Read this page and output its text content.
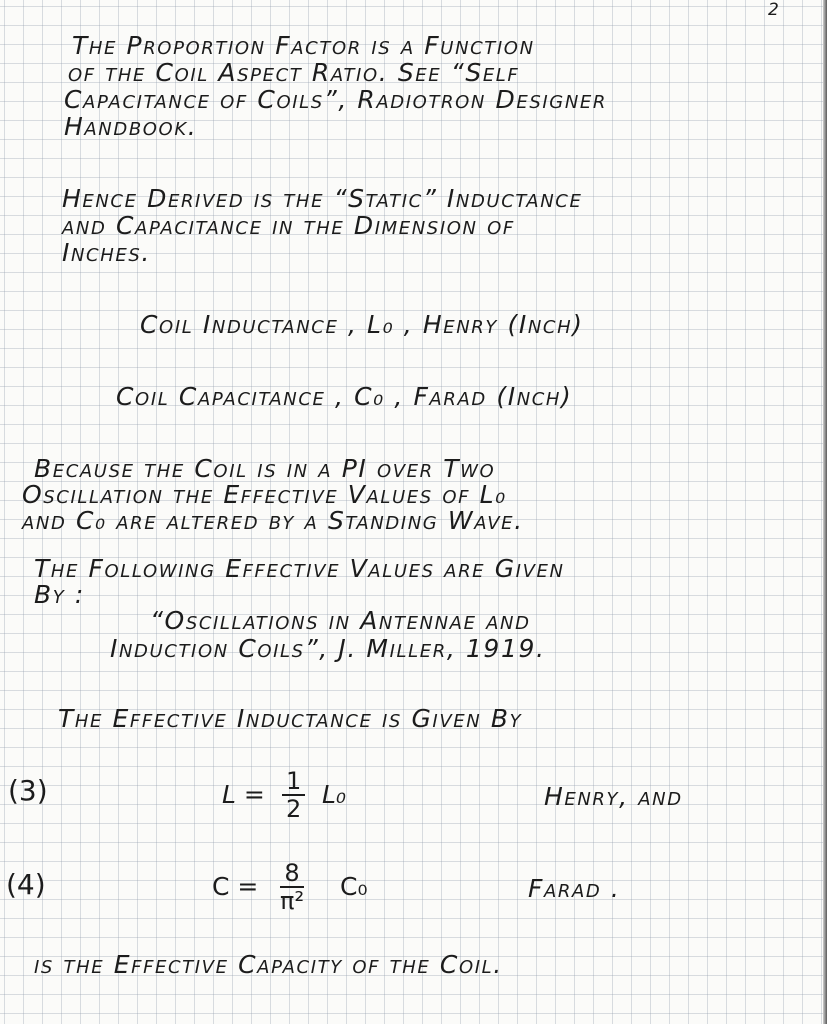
2
The Proportion Factor is a Function
of the Coil Aspect Ratio. See “Self
Capacitance of Coils”, Radiotron Designer
Handbook.
Hence Derived is the “Static” Inductance
and Capacitance in the Dimension of
Inches.
Coil Inductance , L₀ , Henry (Inch)
Coil Capacitance , C₀ , Farad (Inch)
Because the Coil is in a PI over Two
Oscillation the Effective Values of L₀
and C₀ are altered by a Standing Wave.
The Following Effective Values are Given
By :
“Oscillations in Antennae and
Induction Coils”, J. Miller, 1919.
The Effective Inductance is Given By
(3)	$L = \frac{1}{2} L_0$	Henry, and
(4)	$C = \frac{8}{\text{π²}} C_0$	Farad .
is the Effective Capacity of the Coil.
